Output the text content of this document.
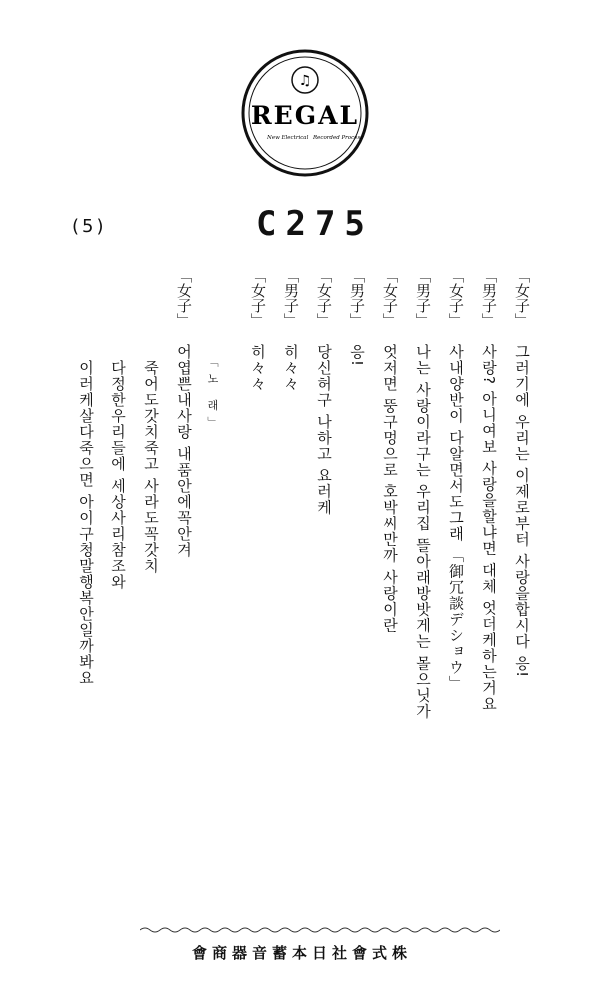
♫
REGAL
New Electrical Recorded Process
(5)	C275
「女子」그러기에 우리는 이제로부터 사랑을합시다 응!
「男子」사랑? 아니여보 사랑을할냐면 대체 엇더케하는거요
「女子」사내양반이 다알면서도그래 「御冗談デショウ」
「男子」나는 사랑이라구는 우리집 뜰아래방밧게는 몰으닛가
「女子」엇저면 뚱구멍으로 호박씨만까 사랑이란
「男子」응!
「女子」당신허구 나하고 요러케
「男子」히々々
「女子」히々々
「女子」어엽쁜내사랑 내품안에꼭안겨
죽어도갓치죽고 사라도꼭갓치
다정한우리들에 세상사리참조와
이러케살다죽으면 아이구청말행복안일까봐요	「노 래」
會商器音蓄本日社會式株
